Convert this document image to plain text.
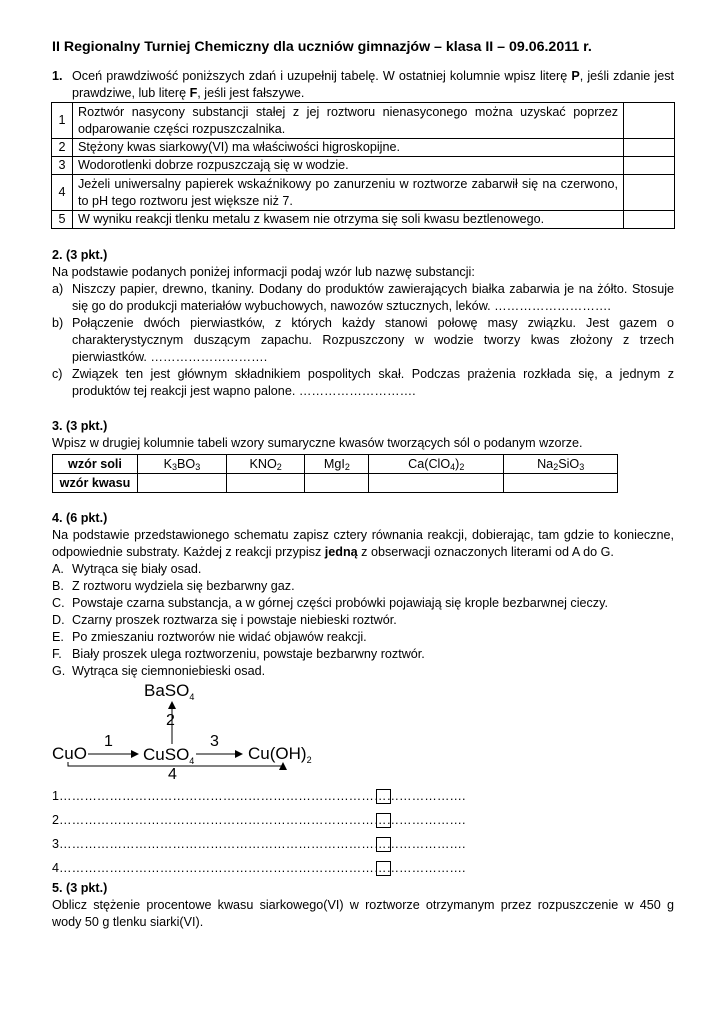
II Regionalny Turniej Chemiczny dla uczniów gimnazjów – klasa II – 09.06.2011 r.
1. Oceń prawdziwość poniższych zdań i uzupełnij tabelę. W ostatniej kolumnie wpisz literę P, jeśli zdanie jest prawdziwe, lub literę F, jeśli jest fałszywe.
1	Roztwór nasycony substancji stałej z jej roztworu nienasyconego można uzyskać poprzez odparowanie części rozpuszczalnika.	
2	Stężony kwas siarkowy(VI) ma właściwości higroskopijne.	
3	Wodorotlenki dobrze rozpuszczają się w wodzie.	
4	Jeżeli uniwersalny papierek wskaźnikowy po zanurzeniu w roztworze zabarwił się na czerwono, to pH tego roztworu jest większe niż 7.	
5	W wyniku reakcji tlenku metalu z kwasem nie otrzyma się soli kwasu beztlenowego.	
2. (3 pkt.)
Na podstawie podanych poniżej informacji podaj wzór lub nazwę substancji:
a) Niszczy papier, drewno, tkaniny. Dodany do produktów zawierających białka zabarwia je na żółto. Stosuje się go do produkcji materiałów wybuchowych, nawozów sztucznych, leków. ……………………….
b) Połączenie dwóch pierwiastków, z których każdy stanowi połowę masy związku. Jest gazem o charakterystycznym duszącym zapachu. Rozpuszczony w wodzie tworzy kwas złożony z trzech pierwiastków. ……………………….
c) Związek ten jest głównym składnikiem pospolitych skał. Podczas prażenia rozkłada się, a jednym z produktów tej reakcji jest wapno palone. ……………………….
3. (3 pkt.)
Wpisz w drugiej kolumnie tabeli wzory sumaryczne kwasów tworzących sól o podanym wzorze.
wzór soli	$K_3BO_3$	$KNO_2$	MgI$_2$	$Ca(ClO_4)_2$	$Na_2SiO_3$
wzór kwasu					
4. (6 pkt.)
Na podstawie przedstawionego schematu zapisz cztery równania reakcji, dobierając, tam gdzie to konieczne, odpowiednie substraty. Każdej z reakcji przypisz jedną z obserwacji oznaczonych literami od A do G.
A. Wytrąca się biały osad.
B. Z roztworu wydziela się bezbarwny gaz.
C. Powstaje czarna substancja, a w górnej części probówki pojawiają się krople bezbarwnej cieczy.
D. Czarny proszek roztwarza się i powstaje niebieski roztwór.
E. Po zmieszaniu roztworów nie widać objawów reakcji.
F. Biały proszek ulega roztworzeniu, powstaje bezbarwny roztwór.
G. Wytrąca się ciemnoniebieski osad.
BaSO$_4$
2
CuO
1
CuSO$_4$
3
$Cu(OH)_2$
4
1…………………………………………………………………………………….
2…………………………………………………………………………………….
3…………………………………………………………………………………….
4…………………………………………………………………………………….
5. (3 pkt.)
Oblicz stężenie procentowe kwasu siarkowego(VI) w roztworze otrzymanym przez rozpuszczenie w 450 g wody 50 g tlenku siarki(VI).
